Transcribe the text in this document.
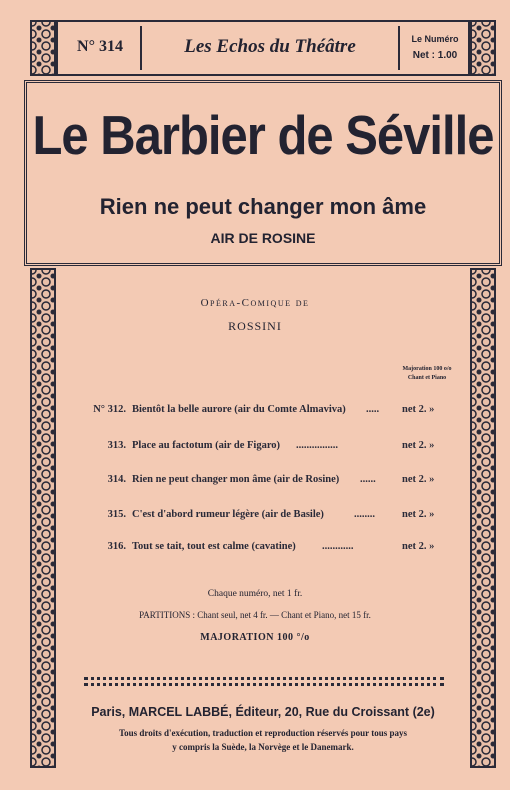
N° 314	Les Echos du Théâtre	Le Numéro
Net : 1.00
Le Barbier de Séville
Rien ne peut changer mon âme
AIR DE ROSINE
Opéra-Comique de
ROSSINI
Majoration 100 o/o
Chant et Piano
N° 312. Bientôt la belle aurore (air du Comte Almaviva) ..... net 2. »
313. Place au factotum (air de Figaro) ................	net 2. »
314. Rien ne peut changer mon âme (air de Rosine) ......	net 2. »
315. C'est d'abord rumeur légère (air de Basile)	........	net 2. »
316. Tout se tait, tout est calme (cavatine) ............	net 2. »
Chaque numéro, net 1 fr.
PARTITIONS : Chant seul, net 4 fr. — Chant et Piano, net 15 fr.
MAJORATION 100 °/o
Paris, MARCEL LABBÉ, Éditeur, 20, Rue du Croissant (2e)
Tous droits d'exécution, traduction et reproduction réservés pour tous pays
y compris la Suède, la Norvège et le Danemark.
